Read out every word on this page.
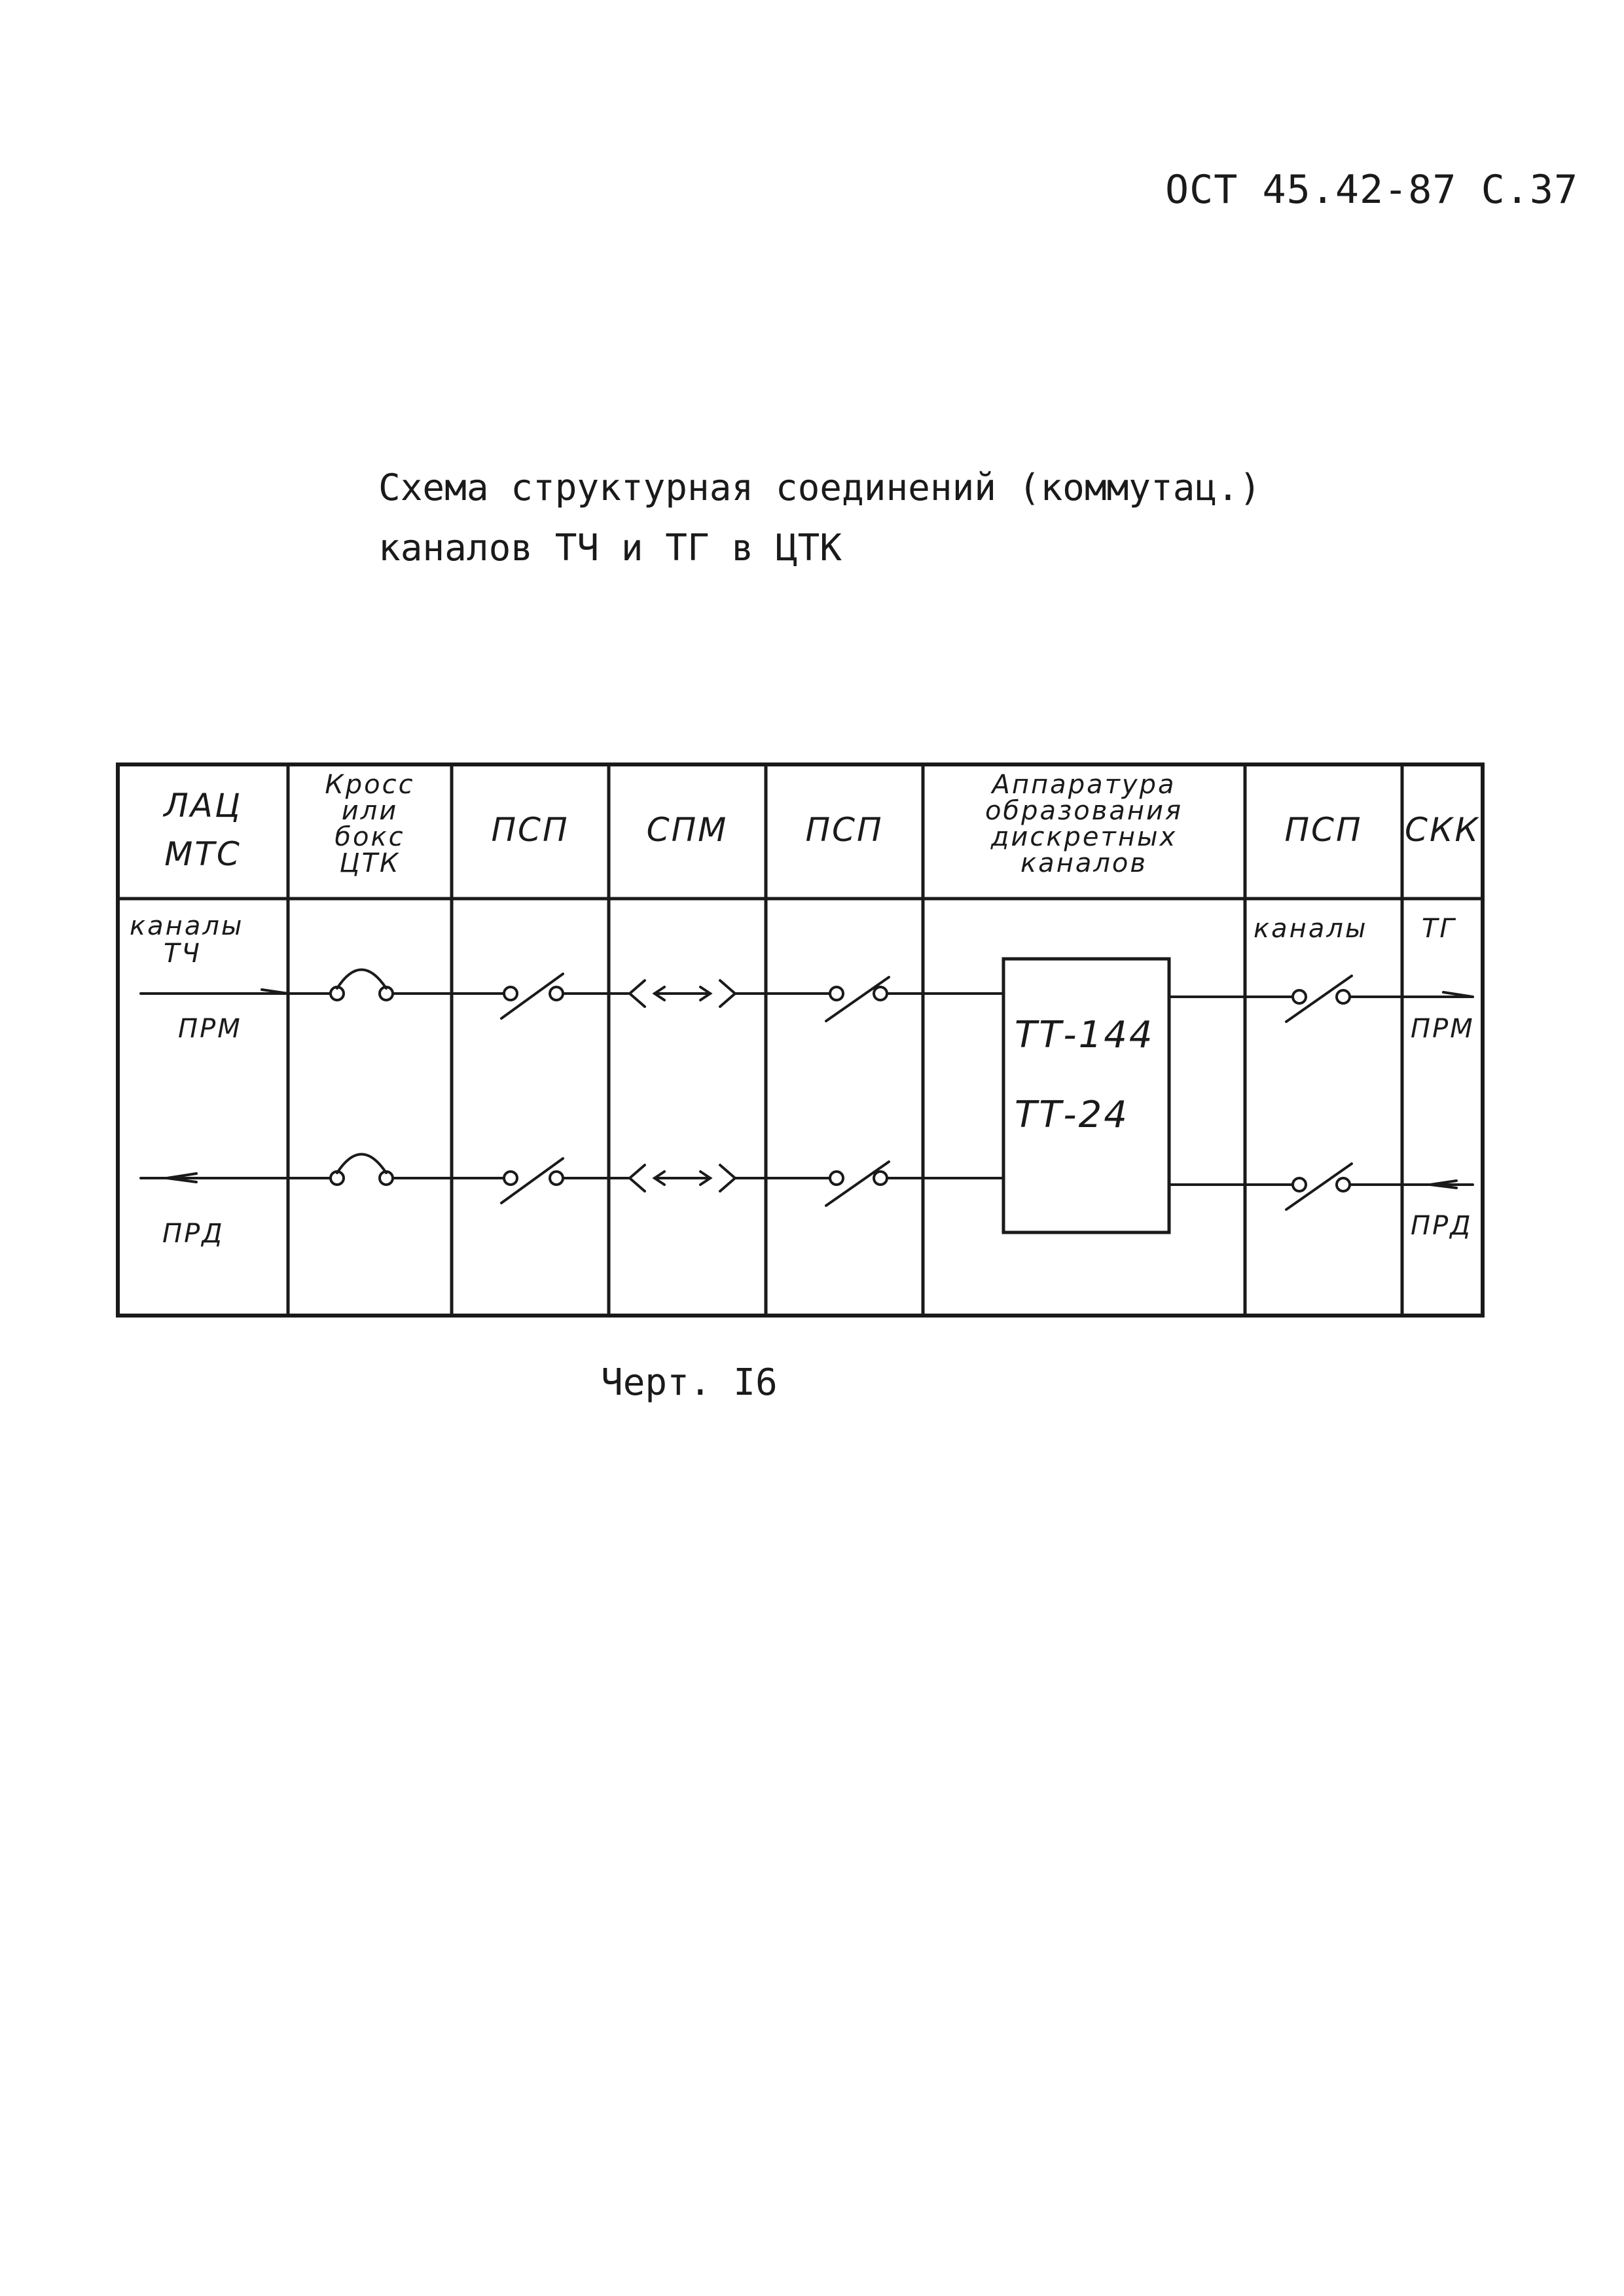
ОСТ 45.42-87 С.37
Схема структурная соединений (коммутац.)
каналов ТЧ и ТГ в ЦТК
ЛАЦ
МТС
Кросс
или
бокс
ЦТК
ПСП СПМ ПСП
Аппаратура
образования
дискретных
каналов
ПСП СКК
каналы
ТЧ
ПРМ
ПРД
каналы ТГ
ПРМ
ПРД
ТТ-144
ТТ-24
Черт. I6
